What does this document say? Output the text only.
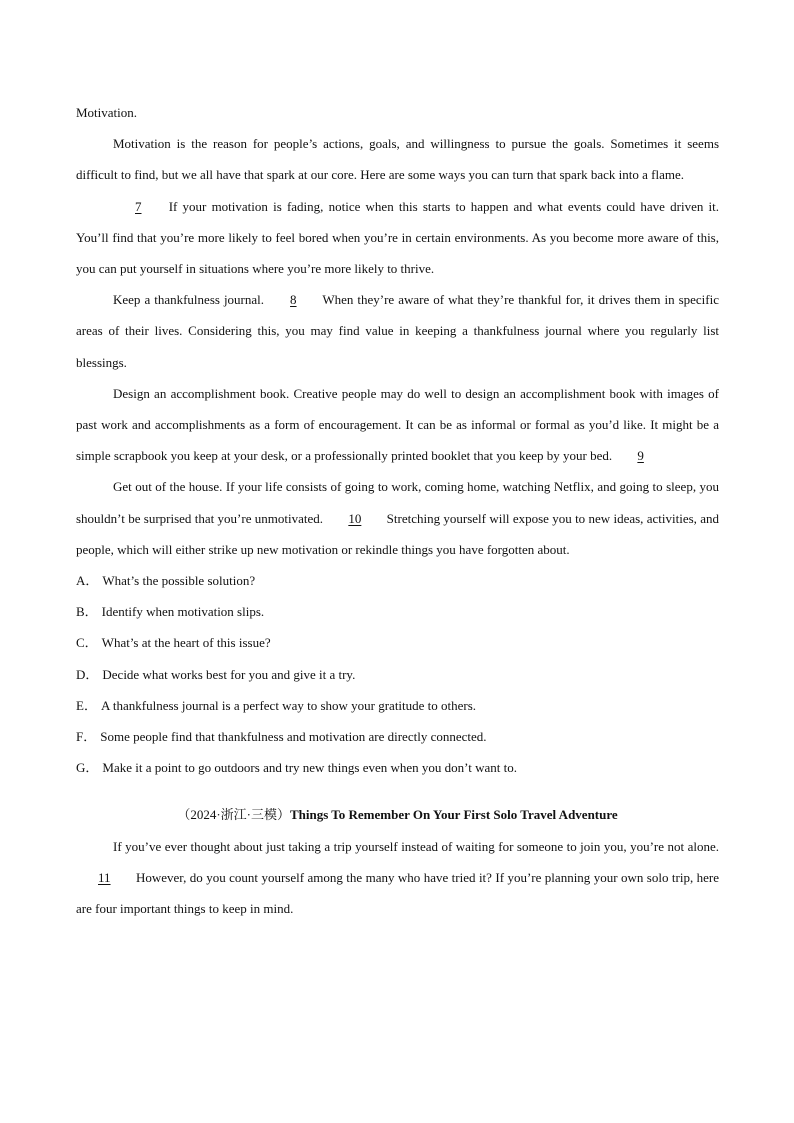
Motivation.

Motivation is the reason for people’s actions, goals, and willingness to pursue the goals. Sometimes it seems difficult to find, but we all have that spark at our core. Here are some ways you can turn that spark back into a flame.

7 If your motivation is fading, notice when this starts to happen and what events could have driven it. You’ll find that you’re more likely to feel bored when you’re in certain environments. As you become more aware of this, you can put yourself in situations where you’re more likely to thrive.

Keep a thankfulness journal. 8 When they’re aware of what they’re thankful for, it drives them in specific areas of their lives. Considering this, you may find value in keeping a thankfulness journal where you regularly list blessings.

Design an accomplishment book. Creative people may do well to design an accomplishment book with images of past work and accomplishments as a form of encouragement. It can be as informal or formal as you’d like. It might be a simple scrapbook you keep at your desk, or a professionally printed booklet that you keep by your bed. 9

Get out of the house. If your life consists of going to work, coming home, watching Netflix, and going to sleep, you shouldn’t be surprised that you’re unmotivated. 10 Stretching yourself will expose you to new ideas, activities, and people, which will either strike up new motivation or rekindle things you have forgotten about.

A． What’s the possible solution?

B． Identify when motivation slips.

C． What’s at the heart of this issue?

D． Decide what works best for you and give it a try.

E． A thankfulness journal is a perfect way to show your gratitude to others.

F． Some people find that thankfulness and motivation are directly connected.

G． Make it a point to go outdoors and try new things even when you don’t want to.

（2024·浙江·三模）Things To Remember On Your First Solo Travel Adventure

If you’ve ever thought about just taking a trip yourself instead of waiting for someone to join you, you’re not alone. 11 However, do you count yourself among the many who have tried it? If you’re planning your own solo trip, here are four important things to keep in mind.
